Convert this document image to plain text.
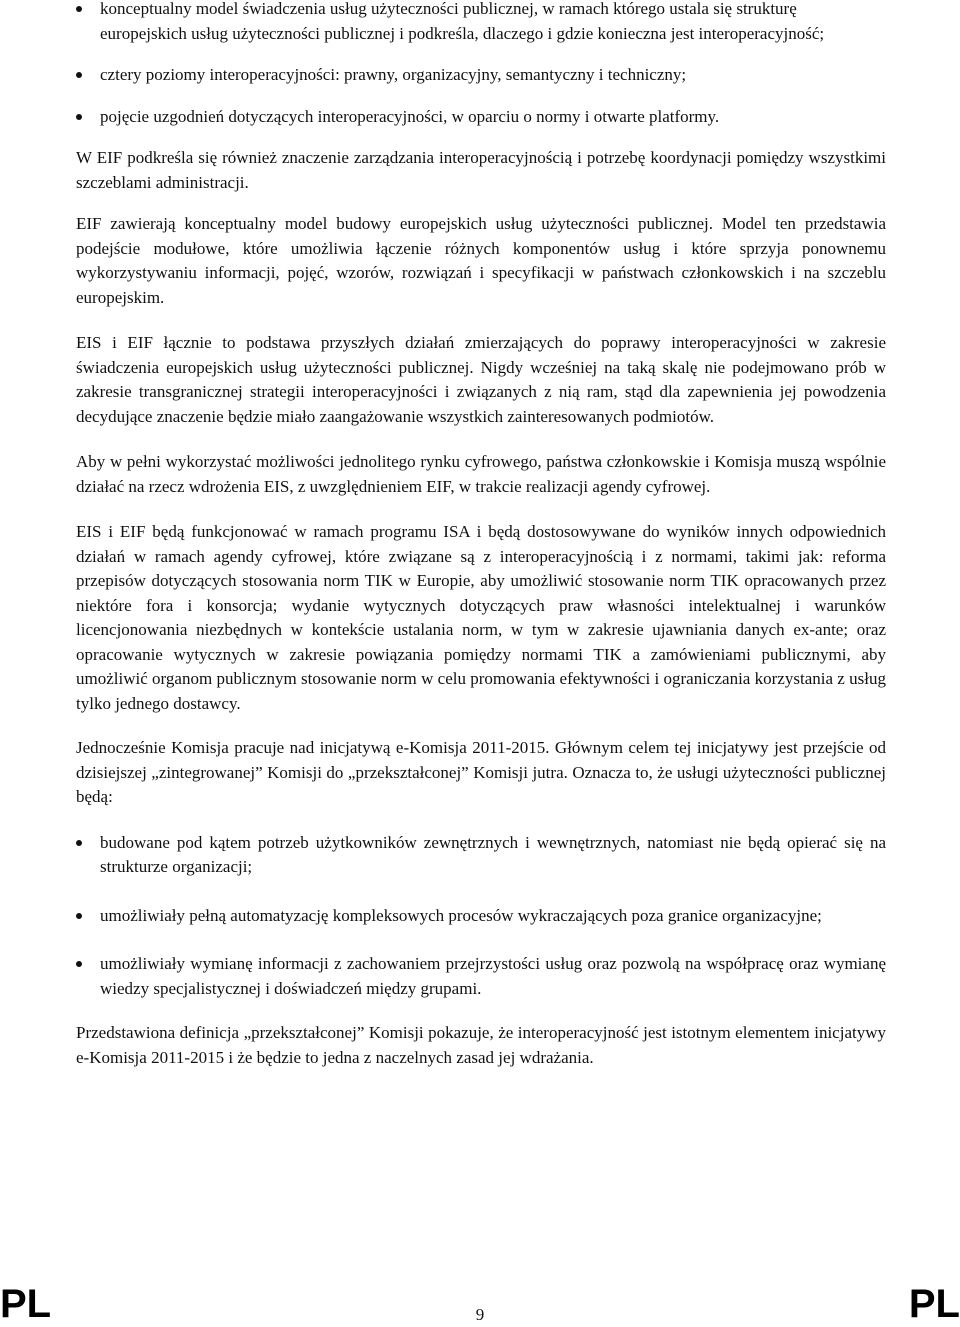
konceptualny model świadczenia usług użyteczności publicznej, w ramach którego ustala się strukturę europejskich usług użyteczności publicznej i podkreśla, dlaczego i gdzie konieczna jest interoperacyjność;
cztery poziomy interoperacyjności: prawny, organizacyjny, semantyczny i techniczny;
pojęcie uzgodnień dotyczących interoperacyjności, w oparciu o normy i otwarte platformy.

W EIF podkreśla się również znaczenie zarządzania interoperacyjnością i potrzebę koordynacji pomiędzy wszystkimi szczeblami administracji.

EIF zawierają konceptualny model budowy europejskich usług użyteczności publicznej. Model ten przedstawia podejście modułowe, które umożliwia łączenie różnych komponentów usług i które sprzyja ponownemu wykorzystywaniu informacji, pojęć, wzorów, rozwiązań i specyfikacji w państwach członkowskich i na szczeblu europejskim.

EIS i EIF łącznie to podstawa przyszłych działań zmierzających do poprawy interoperacyjności w zakresie świadczenia europejskich usług użyteczności publicznej. Nigdy wcześniej na taką skalę nie podejmowano prób w zakresie transgranicznej strategii interoperacyjności i związanych z nią ram, stąd dla zapewnienia jej powodzenia decydujące znaczenie będzie miało zaangażowanie wszystkich zainteresowanych podmiotów.

Aby w pełni wykorzystać możliwości jednolitego rynku cyfrowego, państwa członkowskie i Komisja muszą wspólnie działać na rzecz wdrożenia EIS, z uwzględnieniem EIF, w trakcie realizacji agendy cyfrowej.

EIS i EIF będą funkcjonować w ramach programu ISA i będą dostosowywane do wyników innych odpowiednich działań w ramach agendy cyfrowej, które związane są z interoperacyjnością i z normami, takimi jak: reforma przepisów dotyczących stosowania norm TIK w Europie, aby umożliwić stosowanie norm TIK opracowanych przez niektóre fora i konsorcja; wydanie wytycznych dotyczących praw własności intelektualnej i warunków licencjonowania niezbędnych w kontekście ustalania norm, w tym w zakresie ujawniania danych ex-ante; oraz opracowanie wytycznych w zakresie powiązania pomiędzy normami TIK a zamówieniami publicznymi, aby umożliwić organom publicznym stosowanie norm w celu promowania efektywności i ograniczania korzystania z usług tylko jednego dostawcy.

Jednocześnie Komisja pracuje nad inicjatywą e-Komisja 2011-2015. Głównym celem tej inicjatywy jest przejście od dzisiejszej „zintegrowanej” Komisji do „przekształconej” Komisji jutra. Oznacza to, że usługi użyteczności publicznej będą:

budowane pod kątem potrzeb użytkowników zewnętrznych i wewnętrznych, natomiast nie będą opierać się na strukturze organizacji;
umożliwiały pełną automatyzację kompleksowych procesów wykraczających poza granice organizacyjne;
umożliwiały wymianę informacji z zachowaniem przejrzystości usług oraz pozwolą na współpracę oraz wymianę wiedzy specjalistycznej i doświadczeń między grupami.

Przedstawiona definicja „przekształconej” Komisji pokazuje, że interoperacyjność jest istotnym elementem inicjatywy e-Komisja 2011-2015 i że będzie to jedna z naczelnych zasad jej wdrażania.

PL	9	PL
